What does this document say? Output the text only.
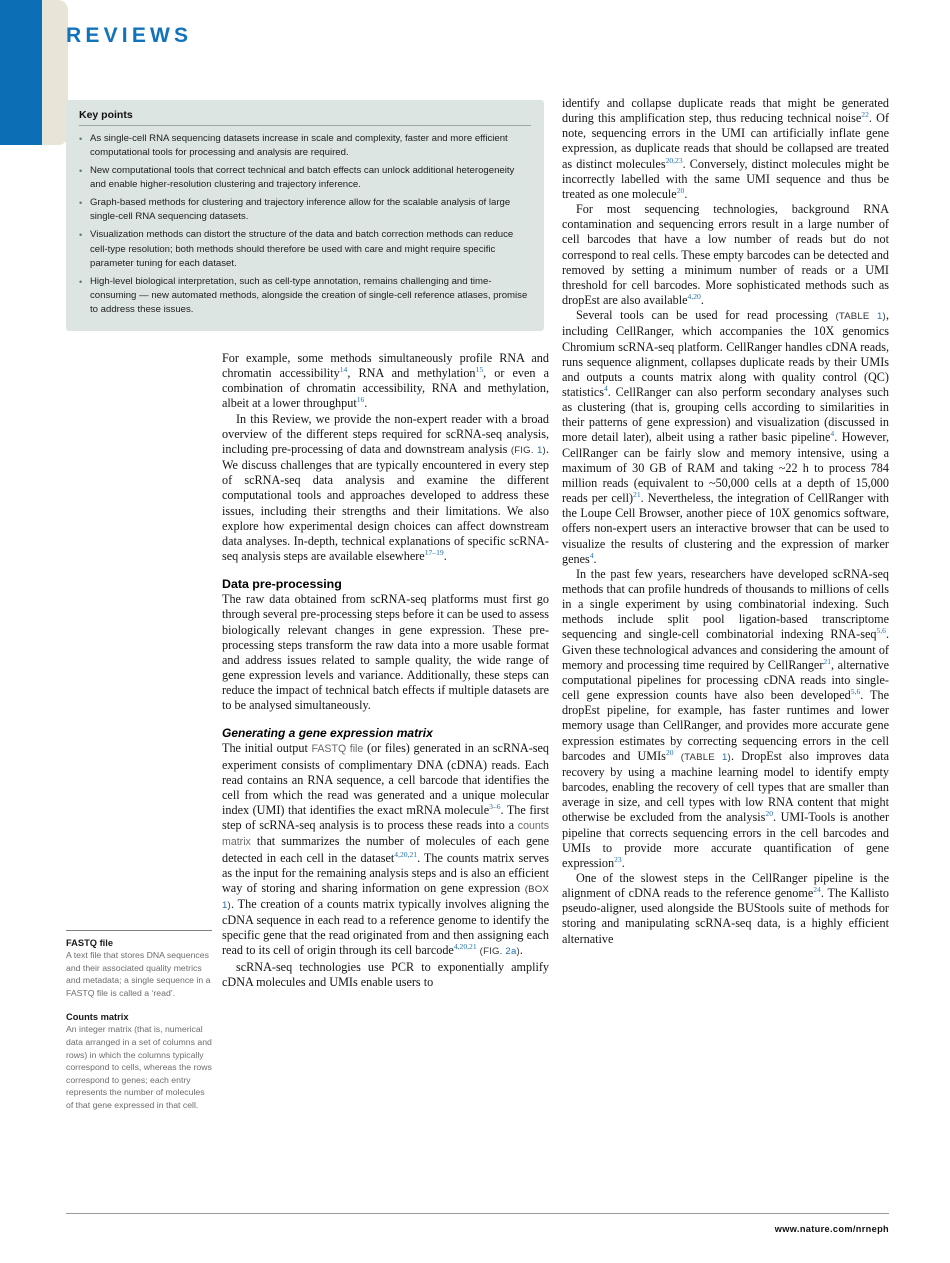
REVIEWS
Key points
• As single-cell RNA sequencing datasets increase in scale and complexity, faster and more efficient computational tools for processing and analysis are required.
• New computational tools that correct technical and batch effects can unlock additional heterogeneity and enable higher-resolution clustering and trajectory inference.
• Graph-based methods for clustering and trajectory inference allow for the scalable analysis of large single-cell RNA sequencing datasets.
• Visualization methods can distort the structure of the data and batch correction methods can reduce cell-type resolution; both methods should therefore be used with care and might require specific parameter tuning for each dataset.
• High-level biological interpretation, such as cell-type annotation, remains challenging and time-consuming — new automated methods, alongside the creation of single-cell reference atlases, promise to address these issues.

For example, some methods simultaneously profile RNA and chromatin accessibility$^{14}$, RNA and methylation$^{15}$, or even a combination of chromatin accessibility, RNA and methylation, albeit at a lower throughput$^{16}$.

In this Review, we provide the non-expert reader with a broad overview of the different steps required for scRNA-seq analysis, including pre-processing of data and downstream analysis (FIG. 1). We discuss challenges that are typically encountered in every step of scRNA-seq data analysis and examine the different computational tools and approaches developed to address these issues, including their strengths and their limitations. We also explore how experimental design choices can affect downstream data analyses. In-depth, technical explanations of specific scRNA-seq analysis steps are available elsewhere$^{17-19}$.

Data pre-processing

The raw data obtained from scRNA-seq platforms must first go through several pre-processing steps before it can be used to assess biologically relevant changes in gene expression. These pre-processing steps transform the raw data into a more usable format and address issues related to sample quality, the wide range of gene expression levels and variance. Additionally, these steps can reduce the impact of technical batch effects if multiple datasets are to be analysed simultaneously.

Generating a gene expression matrix

The initial output FASTQ file (or files) generated in an scRNA-seq experiment consists of complimentary DNA (cDNA) reads. Each read contains an RNA sequence, a cell barcode that identifies the cell from which the read was generated and a unique molecular index (UMI) that identifies the exact mRNA molecule$^{3-6}$. The first step of scRNA-seq analysis is to process these reads into a counts matrix that summarizes the number of molecules of each gene detected in each cell in the dataset$^{4,20,21}$. The counts matrix serves as the input for the remaining analysis steps and is also an efficient way of storing and sharing information on gene expression (BOX 1). The creation of a counts matrix typically involves aligning the cDNA sequence in each read to a reference genome to identify the specific gene that the read originated from and then assigning each read to its cell of origin through its cell barcode$^{4,20,21}$ (FIG. 2a).

scRNA-seq technologies use PCR to exponentially amplify cDNA molecules and UMIs enable users to

identify and collapse duplicate reads that might be generated during this amplification step, thus reducing technical noise$^{22}$. Of note, sequencing errors in the UMI can artificially inflate gene expression, as duplicate reads that should be collapsed are treated as distinct molecules$^{20,23}$. Conversely, distinct molecules might be incorrectly labelled with the same UMI sequence and thus be treated as one molecule$^{20}$.

For most sequencing technologies, background RNA contamination and sequencing errors result in a large number of cell barcodes that have a low number of reads but do not correspond to real cells. These empty barcodes can be detected and removed by setting a minimum number of reads or a UMI threshold for cell barcodes. More sophisticated methods such as dropEst are also available$^{4,20}$.

Several tools can be used for read processing (TABLE 1), including CellRanger, which accompanies the 10X genomics Chromium scRNA-seq platform. CellRanger handles cDNA reads, runs sequence alignment, collapses duplicate reads by their UMIs and outputs a counts matrix along with quality control (QC) statistics$^4$. CellRanger can also perform secondary analyses such as clustering (that is, grouping cells according to similarities in their patterns of gene expression) and visualization (discussed in more detail later), albeit using a rather basic pipeline$^4$. However, CellRanger can be fairly slow and memory intensive, using a maximum of 30 GB of RAM and taking ~22 h to process 784 million reads (equivalent to ~50,000 cells at a depth of 15,000 reads per cell)$^{21}$. Nevertheless, the integration of CellRanger with the Loupe Cell Browser, another piece of 10X genomics software, offers non-expert users an interactive browser that can be used to visualize the results of clustering and the expression of marker genes$^4$.

In the past few years, researchers have developed scRNA-seq methods that can profile hundreds of thousands to millions of cells in a single experiment by using combinatorial indexing. Such methods include split pool ligation-based transcriptome sequencing and single-cell combinatorial indexing RNA-seq$^{5,6}$. Given these technological advances and considering the amount of memory and processing time required by CellRanger$^{21}$, alternative computational pipelines for processing cDNA reads into single-cell gene expression counts have also been developed$^{5,6}$. The dropEst pipeline, for example, has faster runtimes and lower memory usage than CellRanger, and provides more accurate gene expression estimates by correcting sequencing errors in the cell barcodes and UMIs$^{20}$ (TABLE 1). DropEst also improves data recovery by using a machine learning model to identify empty barcodes, enabling the recovery of cell types that are smaller than average in size, and cell types with low RNA content that might otherwise be excluded from the analysis$^{20}$. UMI-Tools is another pipeline that corrects sequencing errors in the cell barcodes and UMIs to provide more accurate quantification of gene expression$^{23}$.

One of the slowest steps in the CellRanger pipeline is the alignment of cDNA reads to the reference genome$^{24}$. The Kallisto pseudo-aligner, used alongside the BUStools suite of methods for storing and manipulating scRNA-seq data, is a highly efficient alternative

FASTQ file
A text file that stores DNA sequences and their associated quality metrics and metadata; a single sequence in a FASTQ file is called a ‘read’.
Counts matrix
An integer matrix (that is, numerical data arranged in a set of columns and rows) in which the columns typically correspond to cells, whereas the rows correspond to genes; each entry represents the number of molecules of that gene expressed in that cell.
www.nature.com/nrneph
